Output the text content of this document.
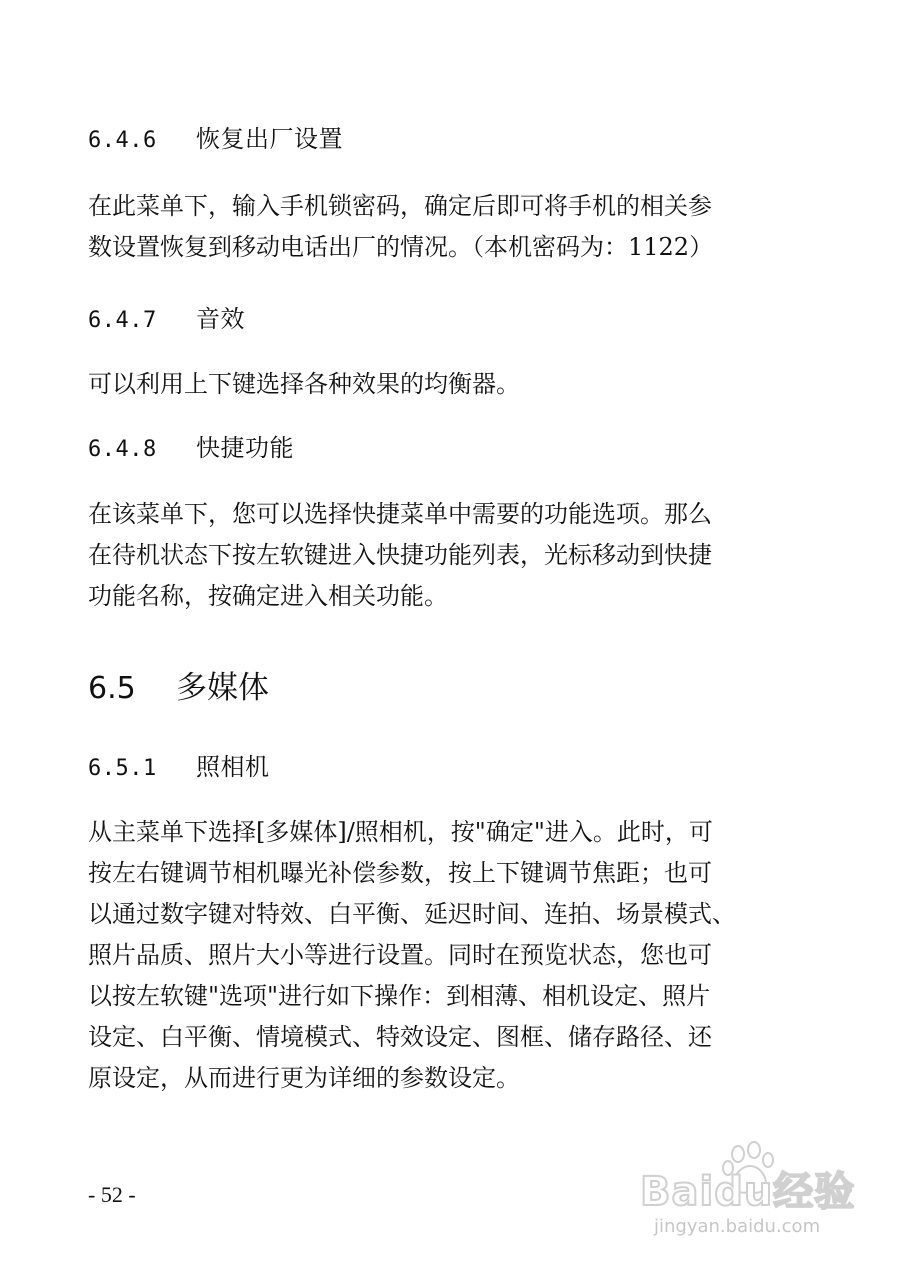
6.4.6 恢复出厂设置
在此菜单下，输入手机锁密码，确定后即可将手机的相关参
数设置恢复到移动电话出厂的情况。（本机密码为：1122）
6.4.7 音效
可以利用上下键选择各种效果的均衡器。
6.4.8 快捷功能
在该菜单下，您可以选择快捷菜单中需要的功能选项。那么
在待机状态下按左软键进入快捷功能列表，光标移动到快捷
功能名称，按确定进入相关功能。
6.5 多媒体
6.5.1 照相机
从主菜单下选择[多媒体]/照相机，按"确定"进入。此时，可
按左右键调节相机曝光补偿参数，按上下键调节焦距；也可
以通过数字键对特效、白平衡、延迟时间、连拍、场景模式、
照片品质、照片大小等进行设置。同时在预览状态，您也可
以按左软键"选项"进行如下操作：到相薄、相机设定、照片
设定、白平衡、情境模式、特效设定、图框、储存路径、还
原设定，从而进行更为详细的参数设定。
- 52 -	Baidu经验
jingyan.baidu.com
